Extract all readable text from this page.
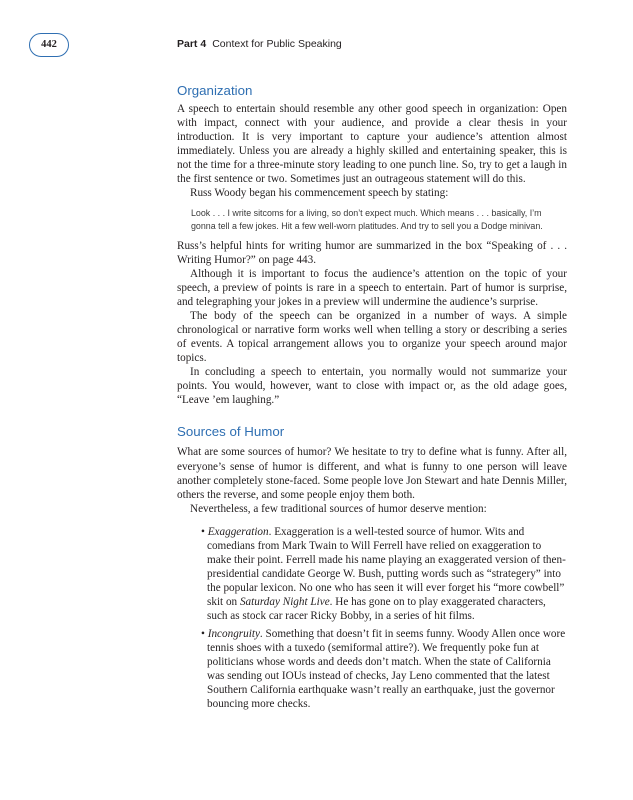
442	Part 4 Context for Public Speaking
Organization

A speech to entertain should resemble any other good speech in organization: Open with impact, connect with your audience, and provide a clear thesis in your introduction. It is very important to capture your audience’s attention almost immediately. Unless you are already a highly skilled and entertaining speaker, this is not the time for a three-minute story leading to one punch line. So, try to get a laugh in the first sentence or two. Sometimes just an outrageous statement will do this.

Russ Woody began his commencement speech by stating:

Look . . . I write sitcoms for a living, so don’t expect much. Which means . . . basically, I’m gonna tell a few jokes. Hit a few well-worn platitudes. And try to sell you a Dodge minivan.

Russ’s helpful hints for writing humor are summarized in the box “Speaking of . . . Writing Humor?” on page 443.

Although it is important to focus the audience’s attention on the topic of your speech, a preview of points is rare in a speech to entertain. Part of humor is surprise, and telegraphing your jokes in a preview will undermine the audience’s surprise.

The body of the speech can be organized in a number of ways. A simple chronological or narrative form works well when telling a story or describing a series of events. A topical arrangement allows you to organize your speech around major topics.

In concluding a speech to entertain, you normally would not summarize your points. You would, however, want to close with impact or, as the old adage goes, “Leave ’em laughing.”

Sources of Humor

What are some sources of humor? We hesitate to try to define what is funny. After all, everyone’s sense of humor is different, and what is funny to one person will leave another completely stone-faced. Some people love Jon Stewart and hate Dennis Miller, others the reverse, and some people enjoy them both.

Nevertheless, a few traditional sources of humor deserve mention:

• Exaggeration. Exaggeration is a well-tested source of humor. Wits and comedians from Mark Twain to Will Ferrell have relied on exaggeration to make their point. Ferrell made his name playing an exaggerated version of then-presidential candidate George W. Bush, putting words such as “strategery” into the popular lexicon. No one who has seen it will ever forget his “more cowbell” skit on Saturday Night Live. He has gone on to play exaggerated characters, such as stock car racer Ricky Bobby, in a series of hit films.
• Incongruity. Something that doesn’t fit in seems funny. Woody Allen once wore tennis shoes with a tuxedo (semiformal attire?). We frequently poke fun at politicians whose words and deeds don’t match. When the state of California was sending out IOUs instead of checks, Jay Leno commented that the latest Southern California earthquake wasn’t really an earthquake, just the governor bouncing more checks.
